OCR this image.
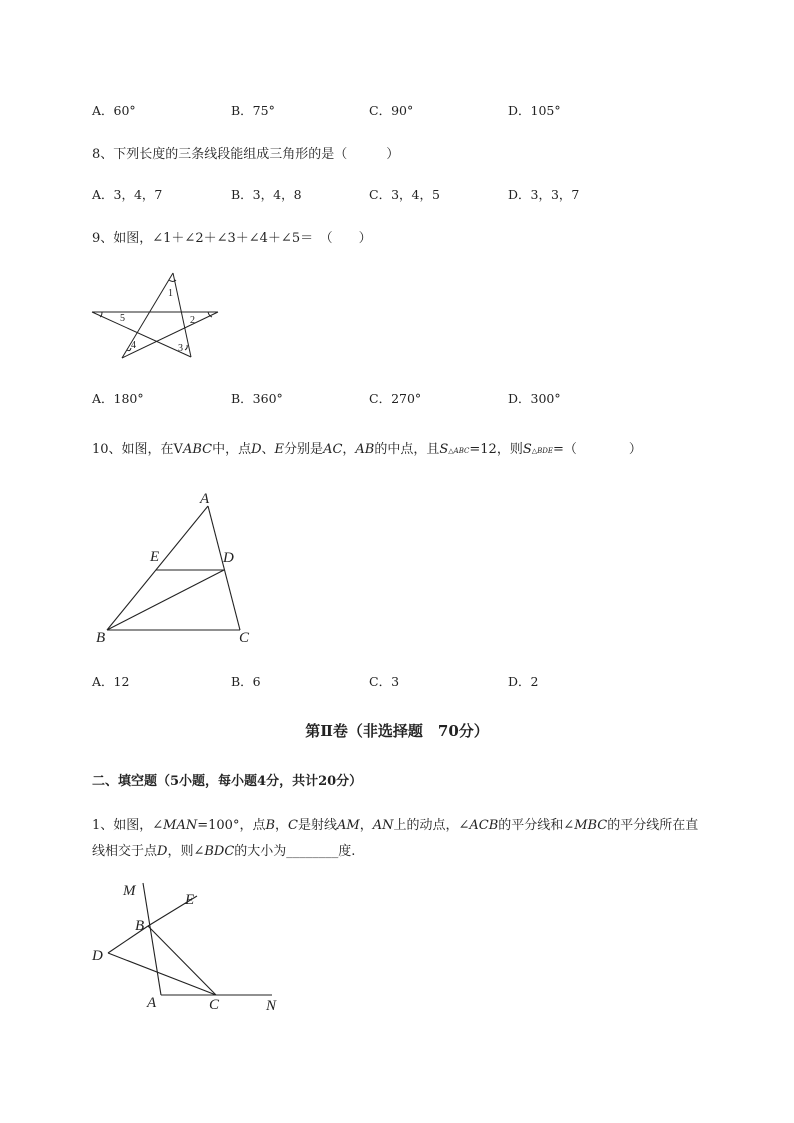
A．60°	B．75°	C．90°	D．105°
8、下列长度的三条线段能组成三角形的是（　　　）
A．3，4，7	B．3，4，8	C．3，4，5	D．3，3，7
9、如图，∠1＋∠2＋∠3＋∠4＋∠5＝　（　　）
1
2
3
4
5
A．180°	B．360°	C．270°	D．300°
10、如图，在VABC中，点D、E分别是AC，AB的中点，且S△ABC=12，则S△BDE=（　　　　）
A
B	C
D
E
A．12	B．6	C．3	D．2
第Ⅱ卷（非选择题　70分）
二、填空题（5小题，每小题4分，共计20分）
1、如图，∠MAN=100°，点B，C是射线AM，AN上的动点，∠ACB的平分线和∠MBC的平分线所在直
线相交于点D，则∠BDC的大小为________度.
M
E
B
D
A	C	N
